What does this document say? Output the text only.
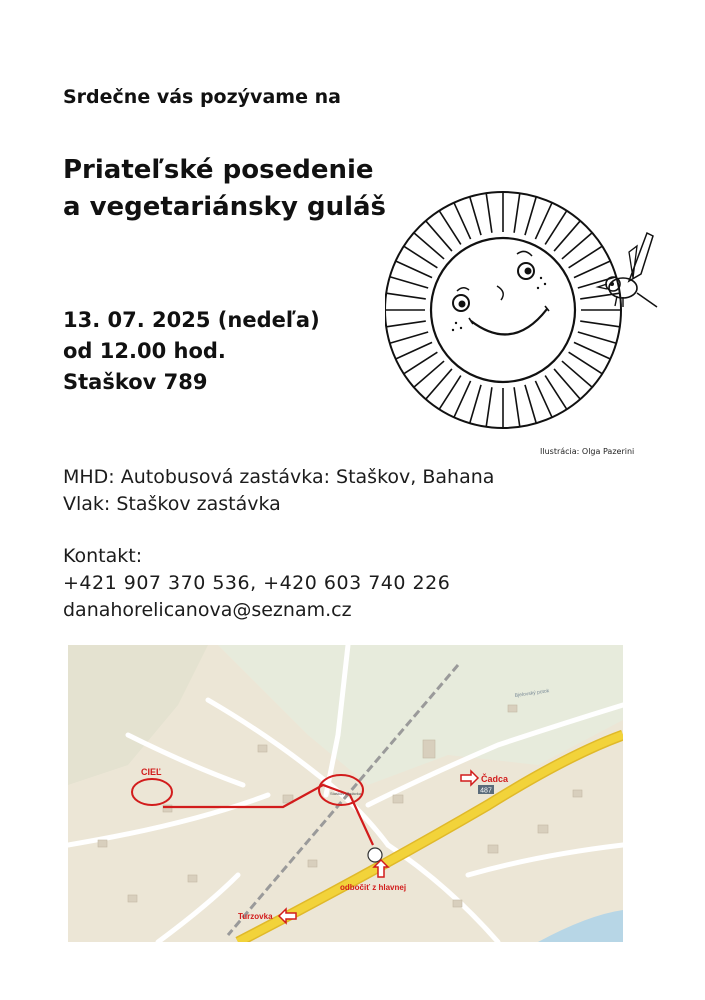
Srdečne vás pozývame na
Priateľské posedenie
a vegetariánsky guláš
13. 07. 2025 (nedeľa)
od 12.00 hod.
Staškov 789
Ilustrácia: Olga Pazerini
MHD: Autobusová zastávka: Staškov, Bahana
Vlak: Staškov zastávka
Kontakt:
+421 907 370 536, +420 603 740 226
danahorelicanova@seznam.cz
487
CIEĽ
Čadca
odbočiť z hlavnej
Turzovka
Staškov zastávka
Bjelovský potok
